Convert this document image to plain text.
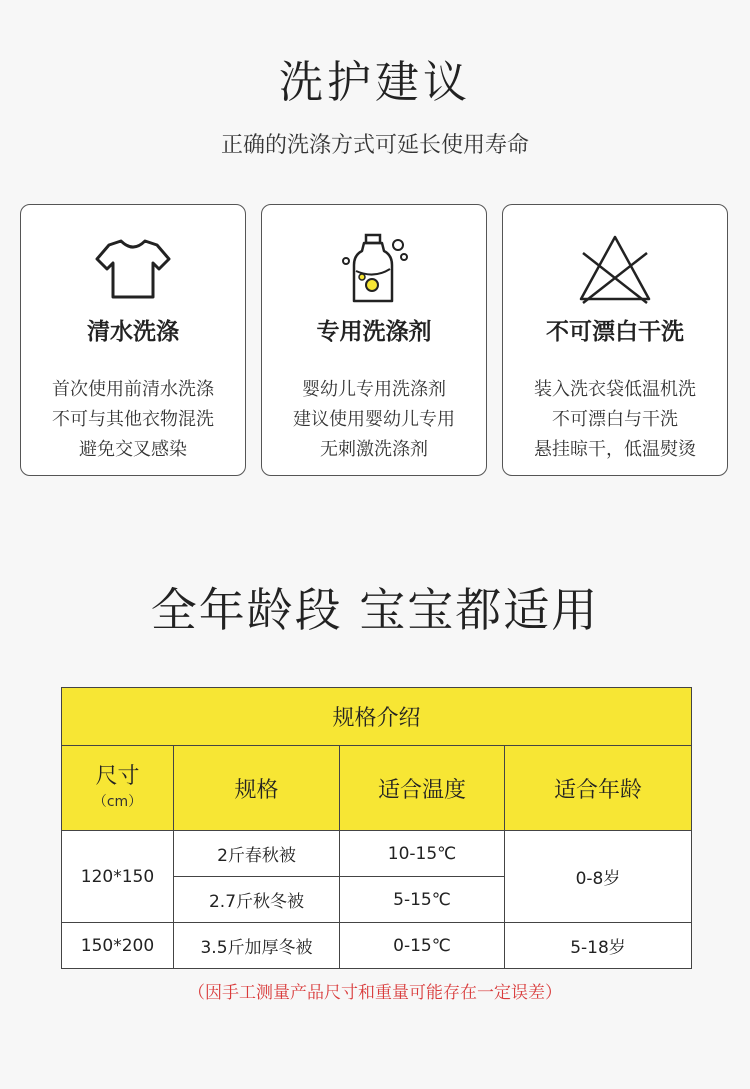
洗护建议
正确的洗涤方式可延长使用寿命
清水洗涤
首次使用前清水洗涤
不可与其他衣物混洗
避免交叉感染
专用洗涤剂
婴幼儿专用洗涤剂
建议使用婴幼儿专用
无刺激洗涤剂
不可漂白干洗
装入洗衣袋低温机洗
不可漂白与干洗
悬挂晾干，低温熨烫
全年龄段 宝宝都适用
规格介绍			

尺寸
（cm）	规格	适合温度	适合年龄
120*150	2斤春秋被	10-15℃	0-8岁
	2.7斤秋冬被	5-15℃	
150*200	3.5斤加厚冬被	0-15℃	5-18岁
（因手工测量产品尺寸和重量可能存在一定误差）
